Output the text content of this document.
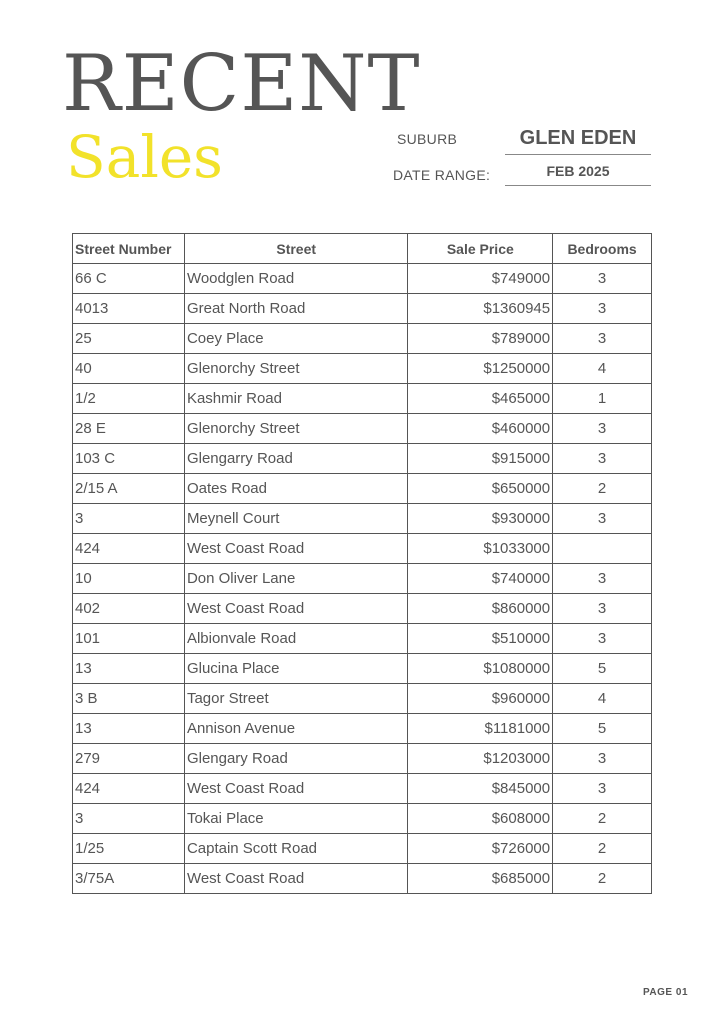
RECENT
Sales	SUBURB	GLEN EDEN
DATE RANGE:	FEB 2025
Street Number	Street	Sale Price	Bedrooms
66 C	Woodglen Road	$749000	3
4013	Great North Road	$1360945	3
25	Coey Place	$789000	3
40	Glenorchy Street	$1250000	4
1/2	Kashmir Road	$465000	1
28 E	Glenorchy Street	$460000	3
103 C	Glengarry Road	$915000	3
2/15 A	Oates Road	$650000	2
3	Meynell Court	$930000	3
424	West Coast Road	$1033000	
10	Don Oliver Lane	$740000	3
402	West Coast Road	$860000	3
101	Albionvale Road	$510000	3
13	Glucina Place	$1080000	5
3 B	Tagor Street	$960000	4
13	Annison Avenue	$1181000	5
279	Glengary Road	$1203000	3
424	West Coast Road	$845000	3
3	Tokai Place	$608000	2
1/25	Captain Scott Road	$726000	2
3/75A	West Coast Road	$685000	2
PAGE 01
